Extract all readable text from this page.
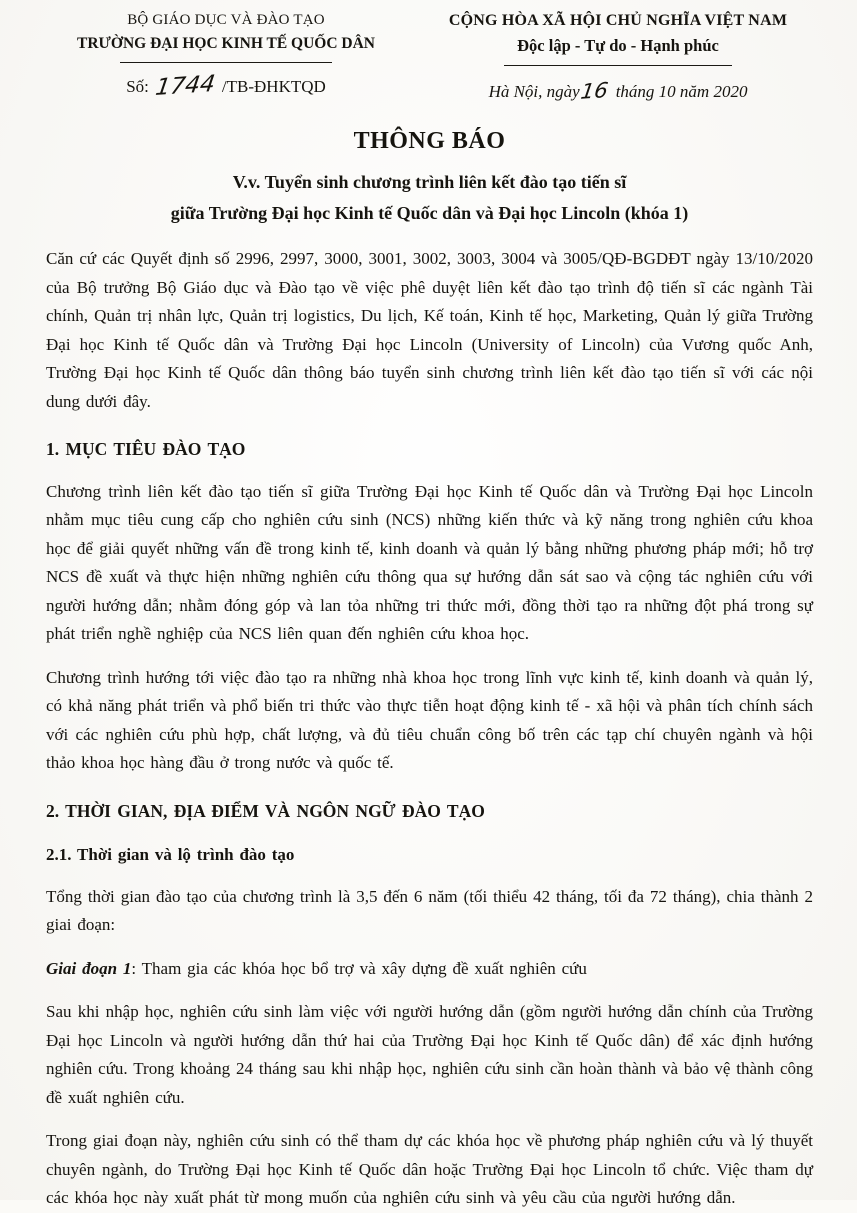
BỘ GIÁO DỤC VÀ ĐÀO TẠO
TRƯỜNG ĐẠI HỌC KINH TẾ QUỐC DÂN
Số: 1744 /TB-ĐHKTQD
CỘNG HÒA XÃ HỘI CHỦ NGHĨA VIỆT NAM
Độc lập - Tự do - Hạnh phúc
Hà Nội, ngày16 tháng 10 năm 2020
THÔNG BÁO
V.v. Tuyển sinh chương trình liên kết đào tạo tiến sĩ
giữa Trường Đại học Kinh tế Quốc dân và Đại học Lincoln (khóa 1)

Căn cứ các Quyết định số 2996, 2997, 3000, 3001, 3002, 3003, 3004 và 3005/QĐ-BGDĐT ngày 13/10/2020 của Bộ trưởng Bộ Giáo dục và Đào tạo về việc phê duyệt liên kết đào tạo trình độ tiến sĩ các ngành Tài chính, Quản trị nhân lực, Quản trị logistics, Du lịch, Kế toán, Kinh tế học, Marketing, Quản lý giữa Trường Đại học Kinh tế Quốc dân và Trường Đại học Lincoln (University of Lincoln) của Vương quốc Anh, Trường Đại học Kinh tế Quốc dân thông báo tuyển sinh chương trình liên kết đào tạo tiến sĩ với các nội dung dưới đây.

1. MỤC TIÊU ĐÀO TẠO

Chương trình liên kết đào tạo tiến sĩ giữa Trường Đại học Kinh tế Quốc dân và Trường Đại học Lincoln nhằm mục tiêu cung cấp cho nghiên cứu sinh (NCS) những kiến thức và kỹ năng trong nghiên cứu khoa học để giải quyết những vấn đề trong kinh tế, kinh doanh và quản lý bằng những phương pháp mới; hỗ trợ NCS đề xuất và thực hiện những nghiên cứu thông qua sự hướng dẫn sát sao và cộng tác nghiên cứu với người hướng dẫn; nhằm đóng góp và lan tỏa những tri thức mới, đồng thời tạo ra những đột phá trong sự phát triển nghề nghiệp của NCS liên quan đến nghiên cứu khoa học.

Chương trình hướng tới việc đào tạo ra những nhà khoa học trong lĩnh vực kinh tế, kinh doanh và quản lý, có khả năng phát triển và phổ biến tri thức vào thực tiễn hoạt động kinh tế - xã hội và phân tích chính sách với các nghiên cứu phù hợp, chất lượng, và đủ tiêu chuẩn công bố trên các tạp chí chuyên ngành và hội thảo khoa học hàng đầu ở trong nước và quốc tế.

2. THỜI GIAN, ĐỊA ĐIỂM VÀ NGÔN NGỮ ĐÀO TẠO
2.1. Thời gian và lộ trình đào tạo

Tổng thời gian đào tạo của chương trình là 3,5 đến 6 năm (tối thiểu 42 tháng, tối đa 72 tháng), chia thành 2 giai đoạn:

Giai đoạn 1: Tham gia các khóa học bổ trợ và xây dựng đề xuất nghiên cứu

Sau khi nhập học, nghiên cứu sinh làm việc với người hướng dẫn (gồm người hướng dẫn chính của Trường Đại học Lincoln và người hướng dẫn thứ hai của Trường Đại học Kinh tế Quốc dân) để xác định hướng nghiên cứu. Trong khoảng 24 tháng sau khi nhập học, nghiên cứu sinh cần hoàn thành và bảo vệ thành công đề xuất nghiên cứu.

Trong giai đoạn này, nghiên cứu sinh có thể tham dự các khóa học về phương pháp nghiên cứu và lý thuyết chuyên ngành, do Trường Đại học Kinh tế Quốc dân hoặc Trường Đại học Lincoln tổ chức. Việc tham dự các khóa học này xuất phát từ mong muốn của nghiên cứu sinh và yêu cầu của người hướng dẫn.
